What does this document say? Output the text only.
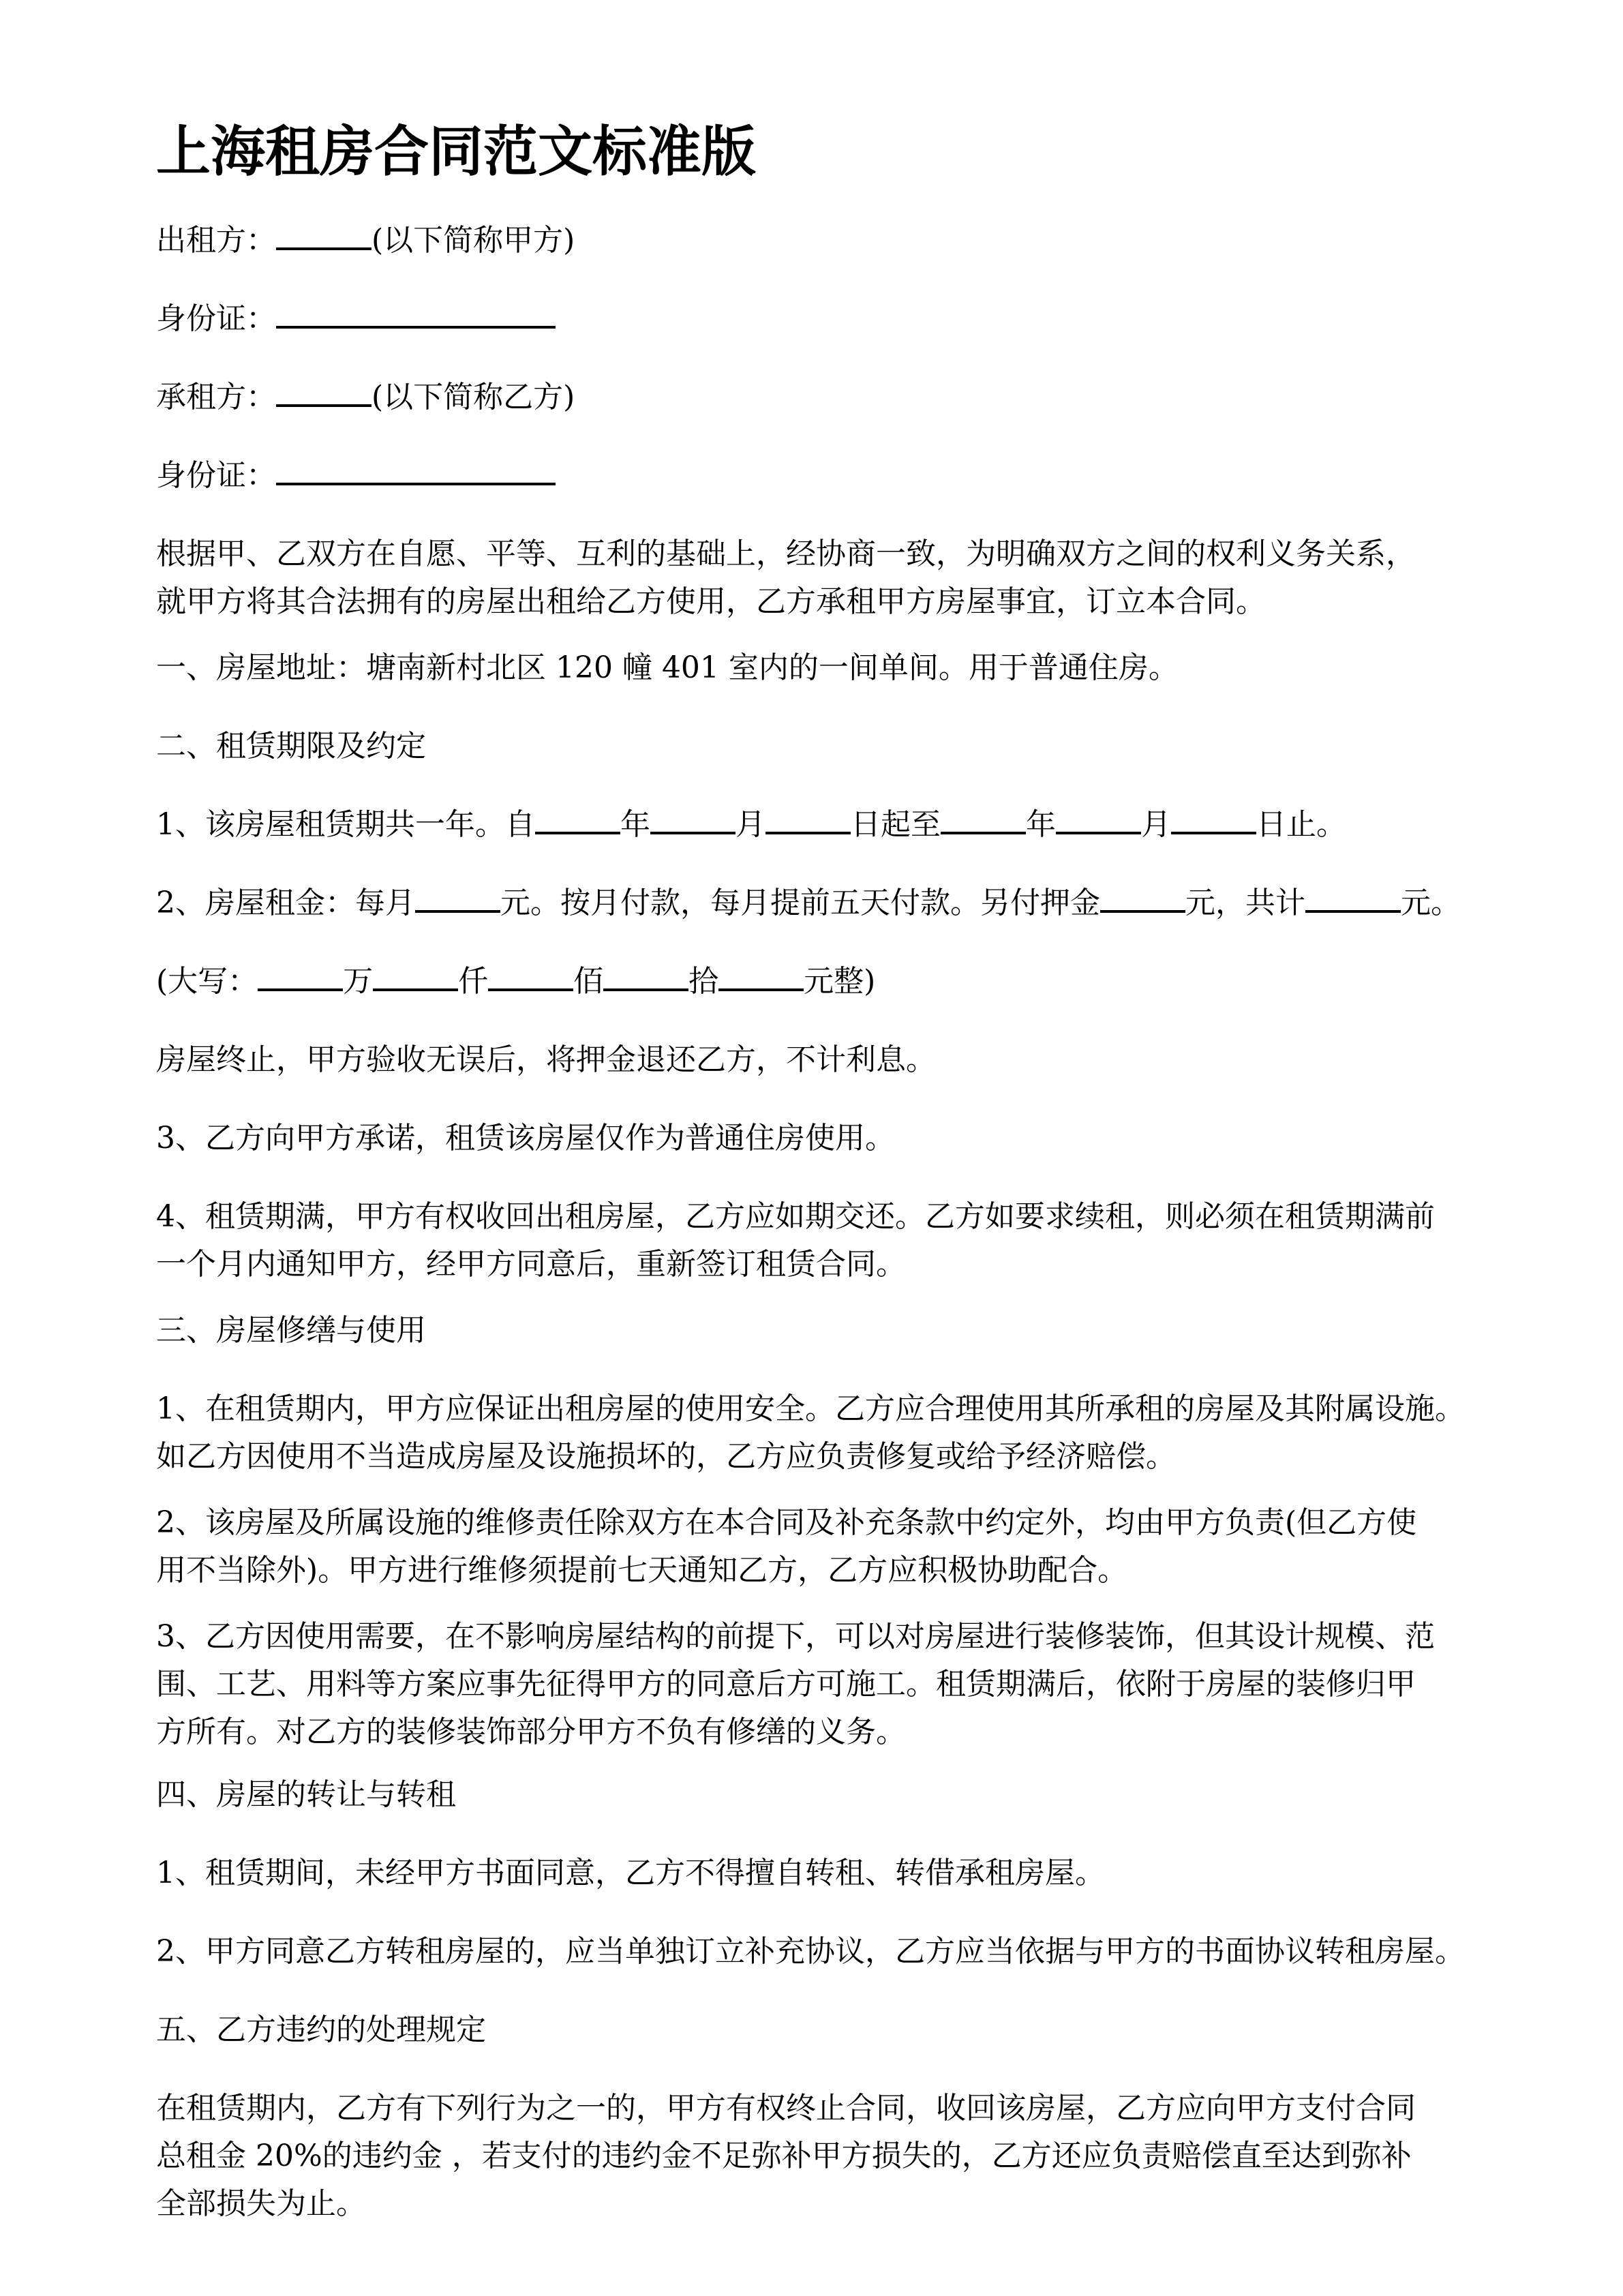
上海租房合同范文标准版

出租方：	(以下简称甲方)

身份证：

承租方：	(以下简称乙方)

身份证：

根据甲、乙双方在自愿、平等、互利的基础上，经协商一致，为明确双方之间的权利义务关系，
就甲方将其合法拥有的房屋出租给乙方使用，乙方承租甲方房屋事宜，订立本合同。

一、房屋地址：塘南新村北区 120 幢 401 室内的一间单间。用于普通住房。

二、租赁期限及约定

1、该房屋租赁期共一年。自	年	月	日起至	年	月	日止。

2、房屋租金：每月	元。按月付款，每月提前五天付款。另付押金	元，共计	元。

(大写：	万	仟	佰	拾	元整)

房屋终止，甲方验收无误后，将押金退还乙方，不计利息。

3、乙方向甲方承诺，租赁该房屋仅作为普通住房使用。

4、租赁期满，甲方有权收回出租房屋，乙方应如期交还。乙方如要求续租，则必须在租赁期满前
一个月内通知甲方，经甲方同意后，重新签订租赁合同。

三、房屋修缮与使用

1、在租赁期内，甲方应保证出租房屋的使用安全。乙方应合理使用其所承租的房屋及其附属设施。
如乙方因使用不当造成房屋及设施损坏的，乙方应负责修复或给予经济赔偿。

2、该房屋及所属设施的维修责任除双方在本合同及补充条款中约定外，均由甲方负责(但乙方使
用不当除外)。甲方进行维修须提前七天通知乙方，乙方应积极协助配合。

3、乙方因使用需要，在不影响房屋结构的前提下，可以对房屋进行装修装饰，但其设计规模、范
围、工艺、用料等方案应事先征得甲方的同意后方可施工。租赁期满后，依附于房屋的装修归甲
方所有。对乙方的装修装饰部分甲方不负有修缮的义务。

四、房屋的转让与转租

1、租赁期间，未经甲方书面同意，乙方不得擅自转租、转借承租房屋。

2、甲方同意乙方转租房屋的，应当单独订立补充协议，乙方应当依据与甲方的书面协议转租房屋。

五、乙方违约的处理规定

在租赁期内，乙方有下列行为之一的，甲方有权终止合同，收回该房屋，乙方应向甲方支付合同
总租金 20%的违约金 ，若支付的违约金不足弥补甲方损失的，乙方还应负责赔偿直至达到弥补
全部损失为止。
